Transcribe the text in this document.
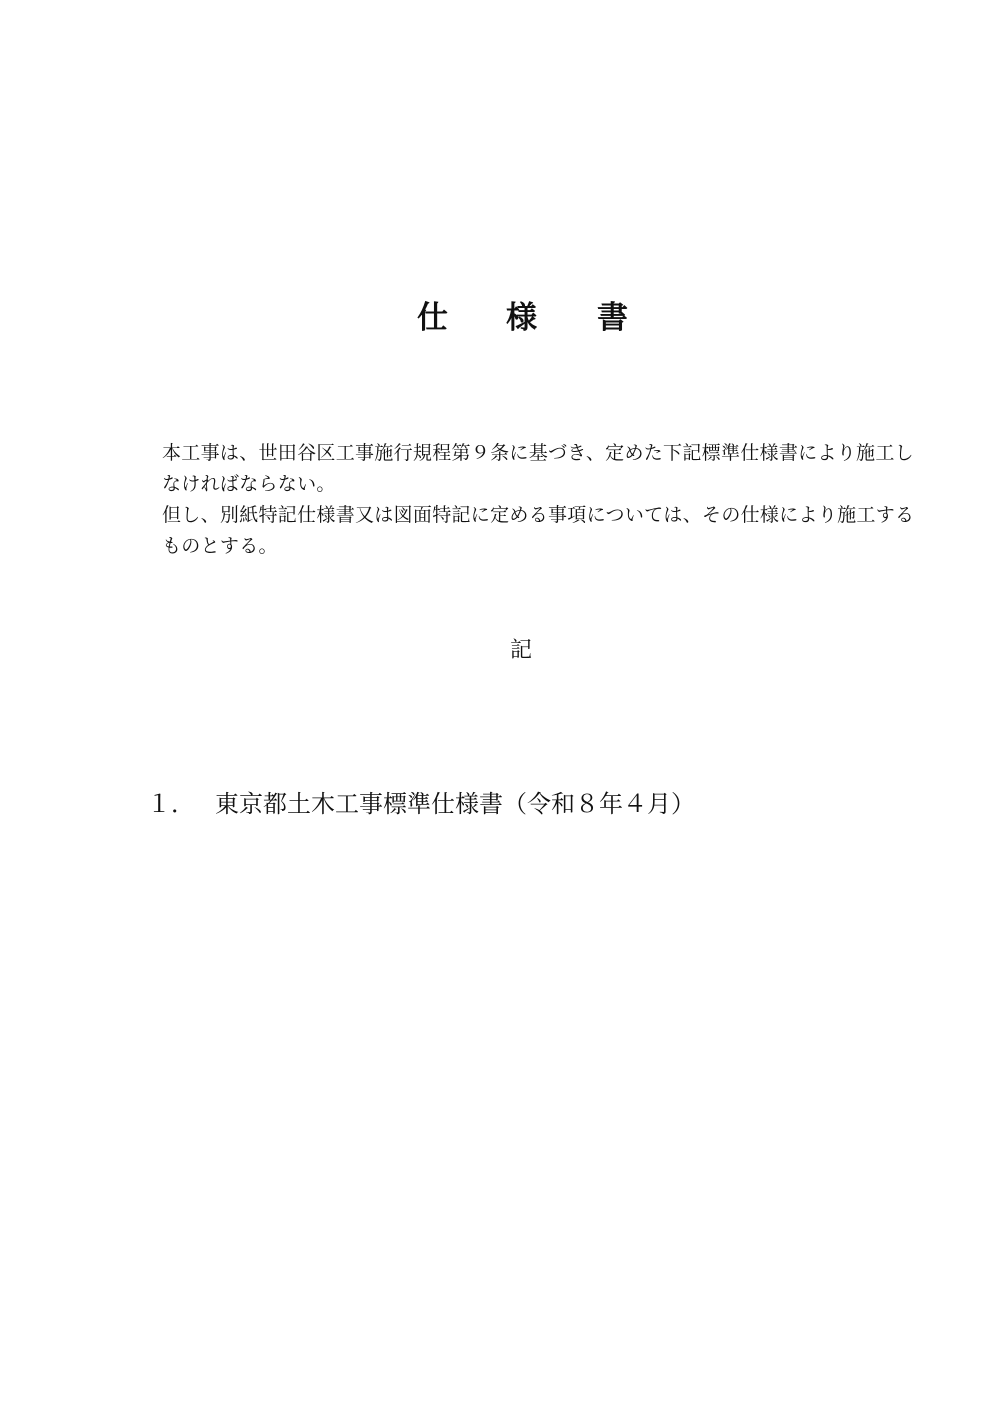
仕 様 書

本工事は、世田谷区工事施行規程第９条に基づき、定めた下記標準仕様書により施工しなければならない。

但し、別紙特記仕様書又は図面特記に定める事項については、その仕様により施工するものとする。

記
１． 東京都土木工事標準仕様書（令和８年４月）
